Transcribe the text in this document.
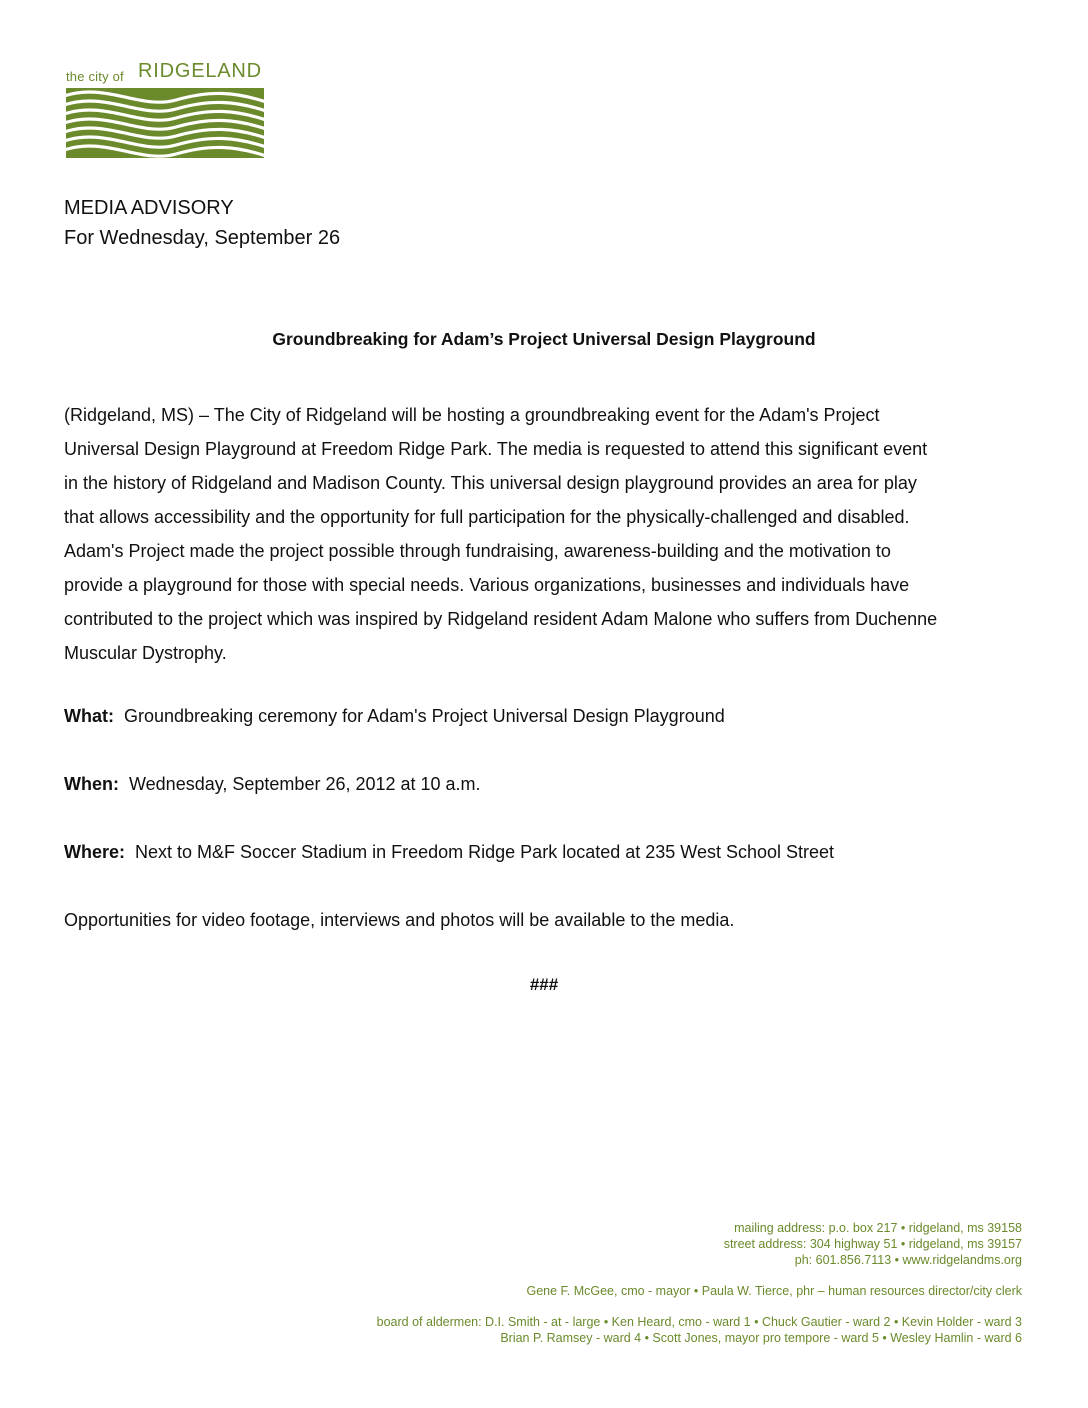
the city of RIDGELAND
MEDIA ADVISORY
For Wednesday, September 26
Groundbreaking for Adam’s Project Universal Design Playground
(Ridgeland, MS) – The City of Ridgeland will be hosting a groundbreaking event for the Adam's Project
Universal Design Playground at Freedom Ridge Park. The media is requested to attend this significant event
in the history of Ridgeland and Madison County. This universal design playground provides an area for play
that allows accessibility and the opportunity for full participation for the physically-challenged and disabled.
Adam's Project made the project possible through fundraising, awareness-building and the motivation to
provide a playground for those with special needs. Various organizations, businesses and individuals have
contributed to the project which was inspired by Ridgeland resident Adam Malone who suffers from Duchenne
Muscular Dystrophy.
What: Groundbreaking ceremony for Adam's Project Universal Design Playground
When: Wednesday, September 26, 2012 at 10 a.m.
Where: Next to M&F Soccer Stadium in Freedom Ridge Park located at 235 West School Street
Opportunities for video footage, interviews and photos will be available to the media.
###
mailing address: p.o. box 217 • ridgeland, ms 39158
street address: 304 highway 51 • ridgeland, ms 39157
ph: 601.856.7113 • www.ridgelandms.org
Gene F. McGee, cmo - mayor • Paula W. Tierce, phr – human resources director/city clerk
board of aldermen: D.I. Smith - at - large • Ken Heard, cmo - ward 1 • Chuck Gautier - ward 2 • Kevin Holder - ward 3
Brian P. Ramsey - ward 4 • Scott Jones, mayor pro tempore - ward 5 • Wesley Hamlin - ward 6
